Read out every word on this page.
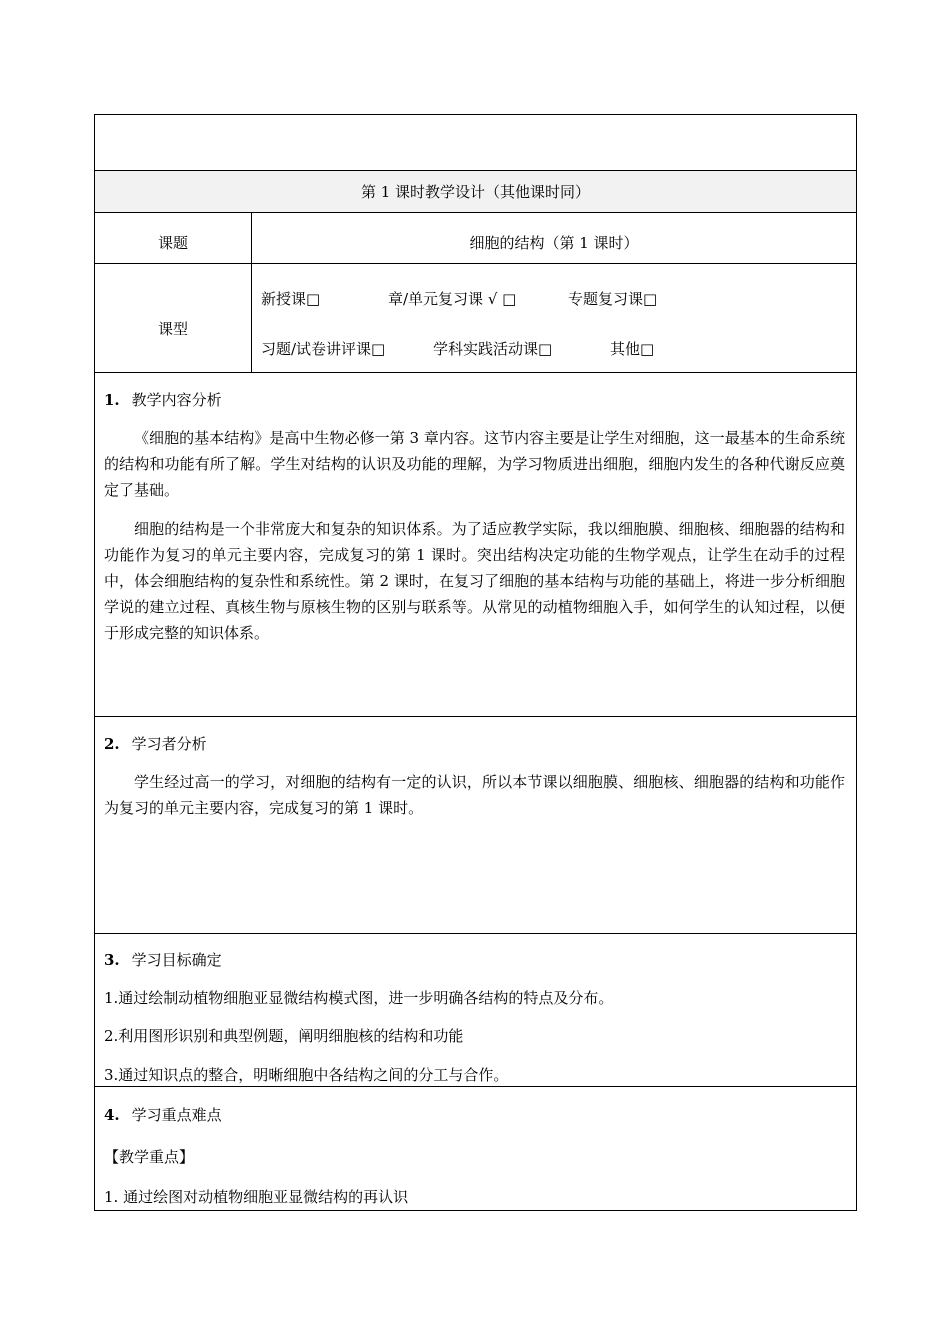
第 1 课时教学设计（其他课时同）
课题	细胞的结构（第 1 课时）
课型
新授课□	章/单元复习课 √ □	专题复习课□
习题/试卷讲评课□	学科实践活动课□	其他□
1. 教学内容分析
《细胞的基本结构》是高中生物必修一第 3 章内容。这节内容主要是让学生对细胞，这一最基本的生命系统的结构和功能有所了解。学生对结构的认识及功能的理解，为学习物质进出细胞，细胞内发生的各种代谢反应奠定了基础。
细胞的结构是一个非常庞大和复杂的知识体系。为了适应教学实际，我以细胞膜、细胞核、细胞器的结构和功能作为复习的单元主要内容，完成复习的第 1 课时。突出结构决定功能的生物学观点，让学生在动手的过程中，体会细胞结构的复杂性和系统性。第 2 课时，在复习了细胞的基本结构与功能的基础上，将进一步分析细胞学说的建立过程、真核生物与原核生物的区别与联系等。从常见的动植物细胞入手，如何学生的认知过程，以便于形成完整的知识体系。
2. 学习者分析
学生经过高一的学习，对细胞的结构有一定的认识，所以本节课以细胞膜、细胞核、细胞器的结构和功能作为复习的单元主要内容，完成复习的第 1 课时。
3. 学习目标确定
1.通过绘制动植物细胞亚显微结构模式图，进一步明确各结构的特点及分布。
2.利用图形识别和典型例题，阐明细胞核的结构和功能
3.通过知识点的整合，明晰细胞中各结构之间的分工与合作。
4. 学习重点难点
【教学重点】
1. 通过绘图对动植物细胞亚显微结构的再认识
